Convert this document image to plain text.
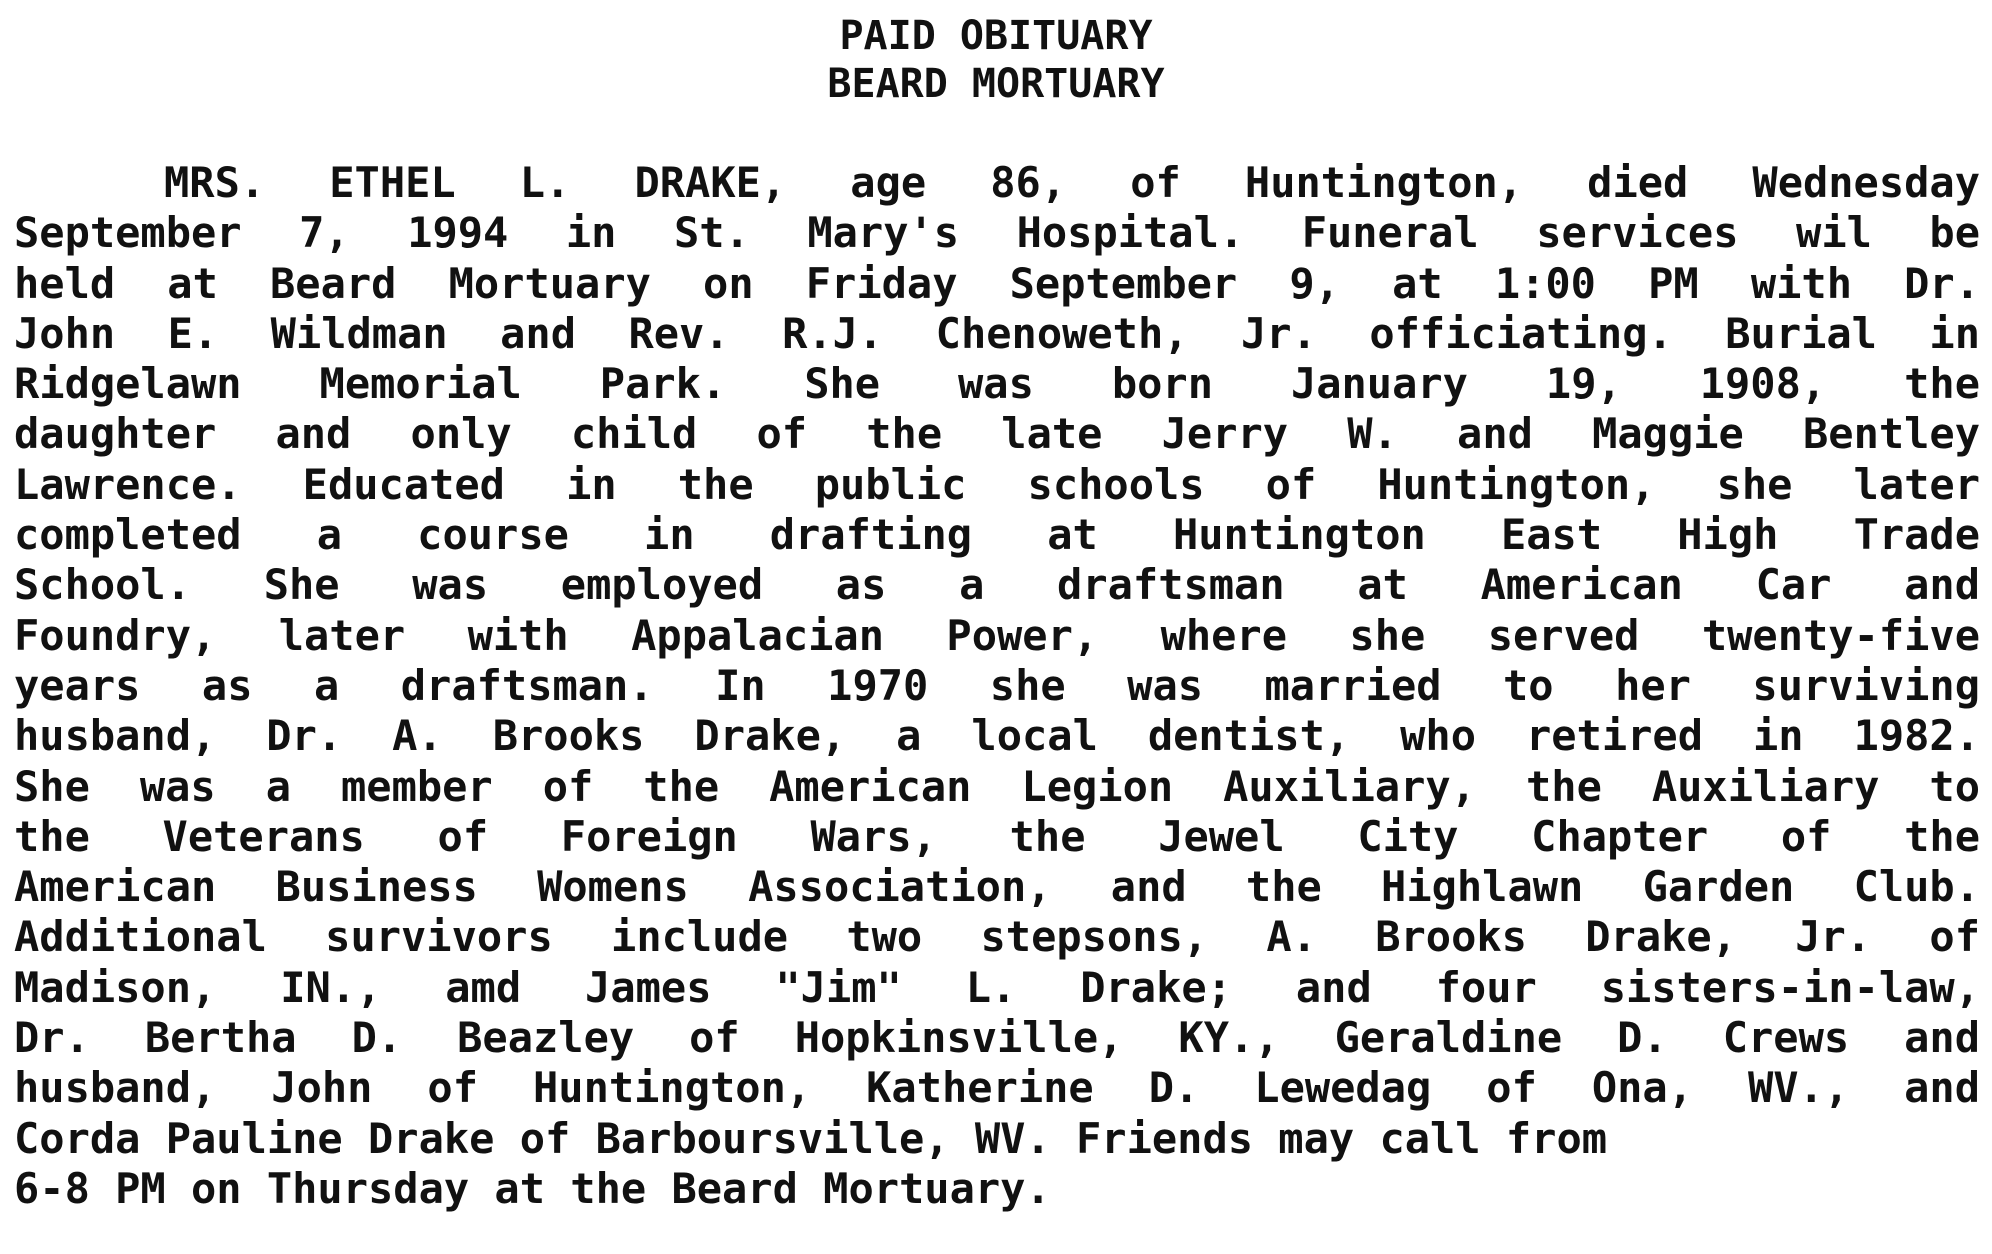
PAID OBITUARY
BEARD MORTUARY
MRS. ETHEL L. DRAKE, age 86, of Huntington, died Wednesday
September 7, 1994 in St. Mary's Hospital. Funeral services wil be
held at Beard Mortuary on Friday September 9, at 1:00 PM with Dr.
John E. Wildman and Rev. R.J. Chenoweth, Jr. officiating. Burial in
Ridgelawn Memorial Park. She was born January 19, 1908, the
daughter and only child of the late Jerry W. and Maggie Bentley
Lawrence. Educated in the public schools of Huntington, she later
completed a course in drafting at Huntington East High Trade
School. She was employed as a draftsman at American Car and
Foundry, later with Appalacian Power, where she served twenty-five
years as a draftsman. In 1970 she was married to her surviving
husband, Dr. A. Brooks Drake, a local dentist, who retired in 1982.
She was a member of the American Legion Auxiliary, the Auxiliary to
the Veterans of Foreign Wars, the Jewel City Chapter of the
American Business Womens Association, and the Highlawn Garden Club.
Additional survivors include two stepsons, A. Brooks Drake, Jr. of
Madison, IN., amd James "Jim" L. Drake; and four sisters-in-law,
Dr. Bertha D. Beazley of Hopkinsville, KY., Geraldine D. Crews and
husband, John of Huntington, Katherine D. Lewedag of Ona, WV., and
Corda Pauline Drake of Barboursville, WV. Friends may call from
6-8 PM on Thursday at the Beard Mortuary.
